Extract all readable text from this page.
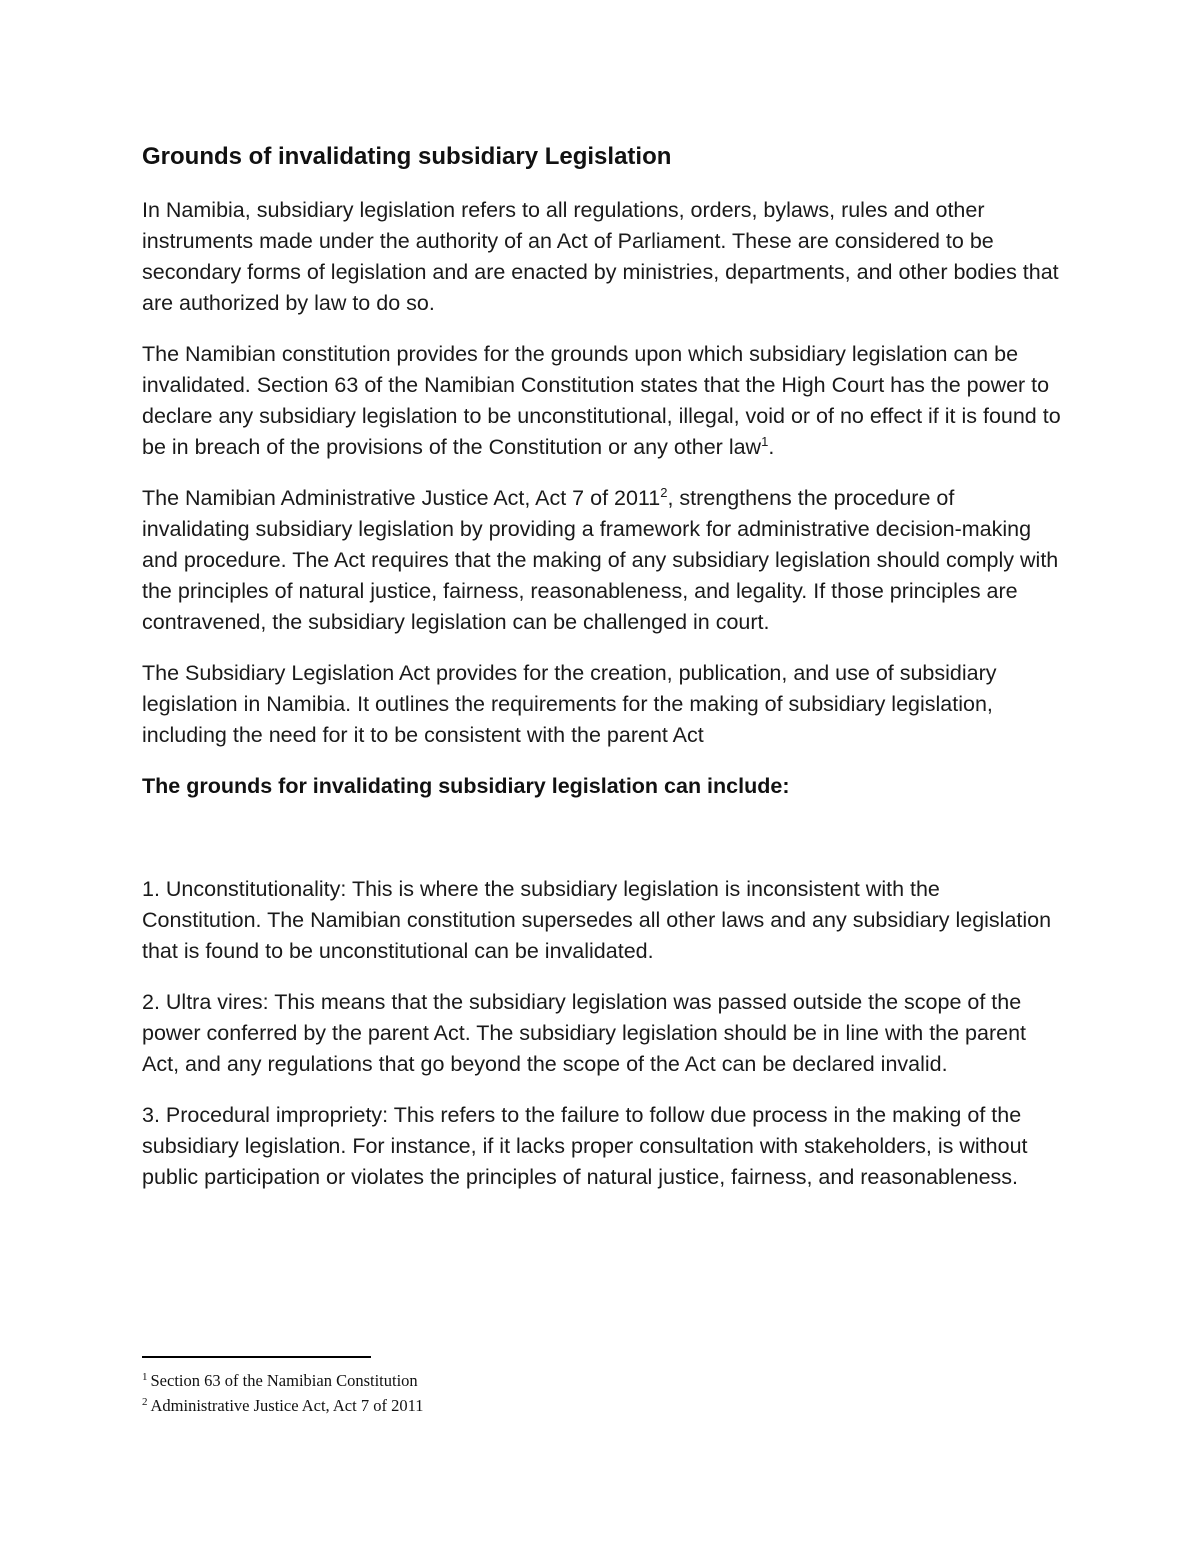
Grounds of invalidating subsidiary Legislation

In Namibia, subsidiary legislation refers to all regulations, orders, bylaws, rules and other instruments made under the authority of an Act of Parliament. These are considered to be secondary forms of legislation and are enacted by ministries, departments, and other bodies that are authorized by law to do so.

The Namibian constitution provides for the grounds upon which subsidiary legislation can be invalidated. Section 63 of the Namibian Constitution states that the High Court has the power to declare any subsidiary legislation to be unconstitutional, illegal, void or of no effect if it is found to be in breach of the provisions of the Constitution or any other law$^1$.

The Namibian Administrative Justice Act, Act 7 of 2011$^2$, strengthens the procedure of invalidating subsidiary legislation by providing a framework for administrative decision-making and procedure. The Act requires that the making of any subsidiary legislation should comply with the principles of natural justice, fairness, reasonableness, and legality. If those principles are contravened, the subsidiary legislation can be challenged in court.

The Subsidiary Legislation Act provides for the creation, publication, and use of subsidiary legislation in Namibia. It outlines the requirements for the making of subsidiary legislation, including the need for it to be consistent with the parent Act

The grounds for invalidating subsidiary legislation can include:

1. Unconstitutionality: This is where the subsidiary legislation is inconsistent with the Constitution. The Namibian constitution supersedes all other laws and any subsidiary legislation that is found to be unconstitutional can be invalidated.

2. Ultra vires: This means that the subsidiary legislation was passed outside the scope of the power conferred by the parent Act. The subsidiary legislation should be in line with the parent Act, and any regulations that go beyond the scope of the Act can be declared invalid.

3. Procedural impropriety: This refers to the failure to follow due process in the making of the subsidiary legislation. For instance, if it lacks proper consultation with stakeholders, is without public participation or violates the principles of natural justice, fairness, and reasonableness.

$^1$ Section 63 of the Namibian Constitution

$^2$ Administrative Justice Act, Act 7 of 2011
